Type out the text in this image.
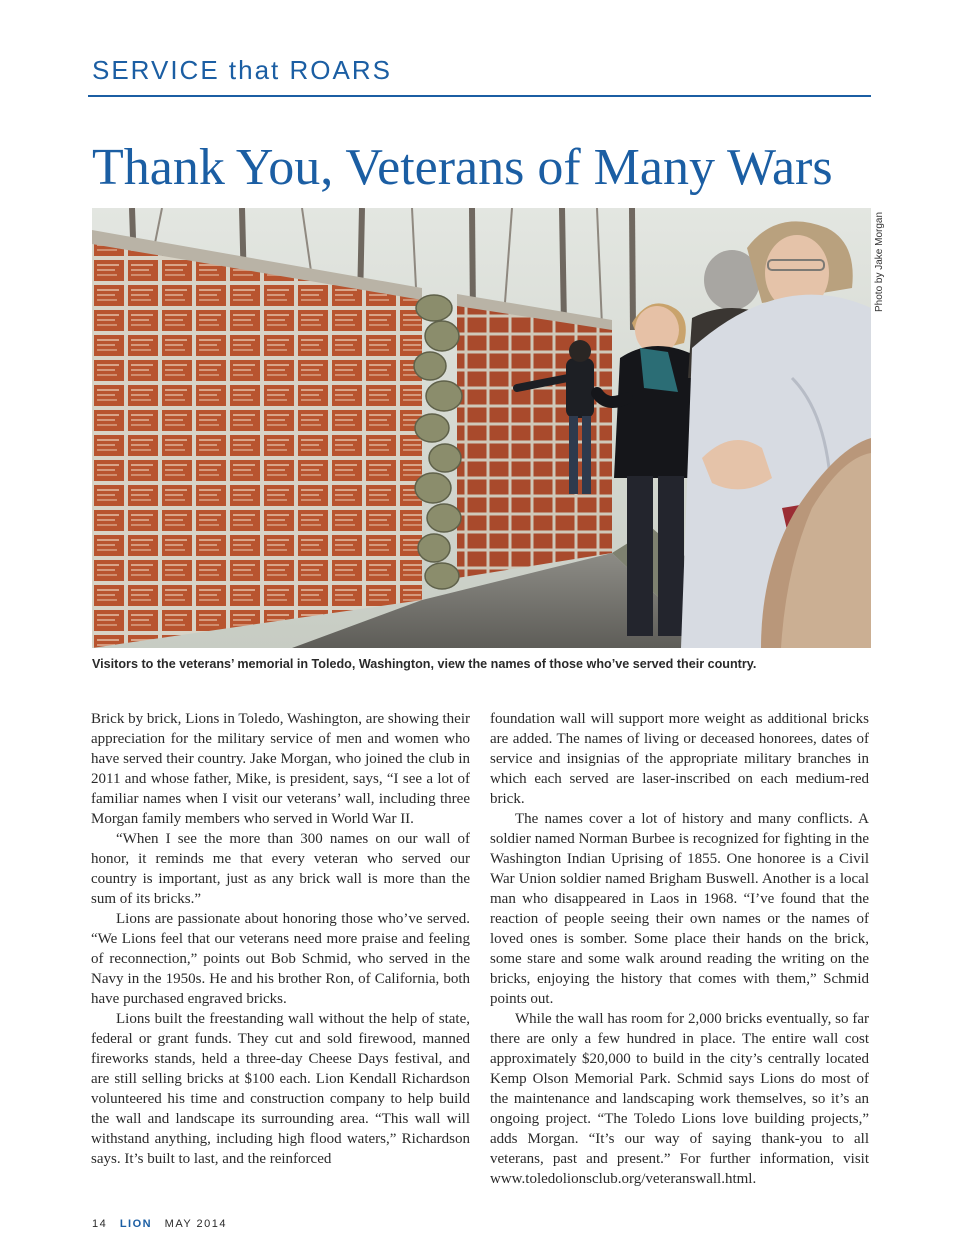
SERVICE that ROARS
Thank You, Veterans of Many Wars
Photo by Jake Morgan

Visitors to the veterans’ memorial in Toledo, Washington, view the names of those who’ve served their country.

Brick by brick, Lions in Toledo, Washington, are showing their appreciation for the military service of men and women who have served their country. Jake Morgan, who joined the club in 2011 and whose father, Mike, is president, says, “I see a lot of familiar names when I visit our veterans’ wall, including three Morgan family members who served in World War II.

“When I see the more than 300 names on our wall of honor, it reminds me that every veteran who served our country is important, just as any brick wall is more than the sum of its bricks.”

Lions are passionate about honoring those who’ve served. “We Lions feel that our veterans need more praise and feeling of reconnection,” points out Bob Schmid, who served in the Navy in the 1950s. He and his brother Ron, of California, both have purchased engraved bricks.

Lions built the freestanding wall without the help of state, federal or grant funds. They cut and sold firewood, manned fireworks stands, held a three-day Cheese Days festival, and are still selling bricks at $100 each. Lion Kendall Richardson volunteered his time and construction company to help build the wall and landscape its surrounding area. “This wall will withstand anything, including high flood waters,” Richardson says. It’s built to last, and the reinforced

foundation wall will support more weight as additional bricks are added. The names of living or deceased honorees, dates of service and insignias of the appropriate military branches in which each served are laser-inscribed on each medium-red brick.

The names cover a lot of history and many conflicts. A soldier named Norman Burbee is recognized for fighting in the Washington Indian Uprising of 1855. One honoree is a Civil War Union soldier named Brigham Buswell. Another is a local man who disappeared in Laos in 1968. “I’ve found that the reaction of people seeing their own names or the names of loved ones is somber. Some place their hands on the brick, some stare and some walk around reading the writing on the bricks, enjoying the history that comes with them,” Schmid points out.

While the wall has room for 2,000 bricks eventually, so far there are only a few hundred in place. The entire wall cost approximately $20,000 to build in the city’s centrally located Kemp Olson Memorial Park. Schmid says Lions do most of the maintenance and landscaping work themselves, so it’s an ongoing project. “The Toledo Lions love building projects,” adds Morgan. “It’s our way of saying thank-you to all veterans, past and present.” For further information, visit www.toledolionsclub.org/veteranswall.html.

14 LION MAY 2014
